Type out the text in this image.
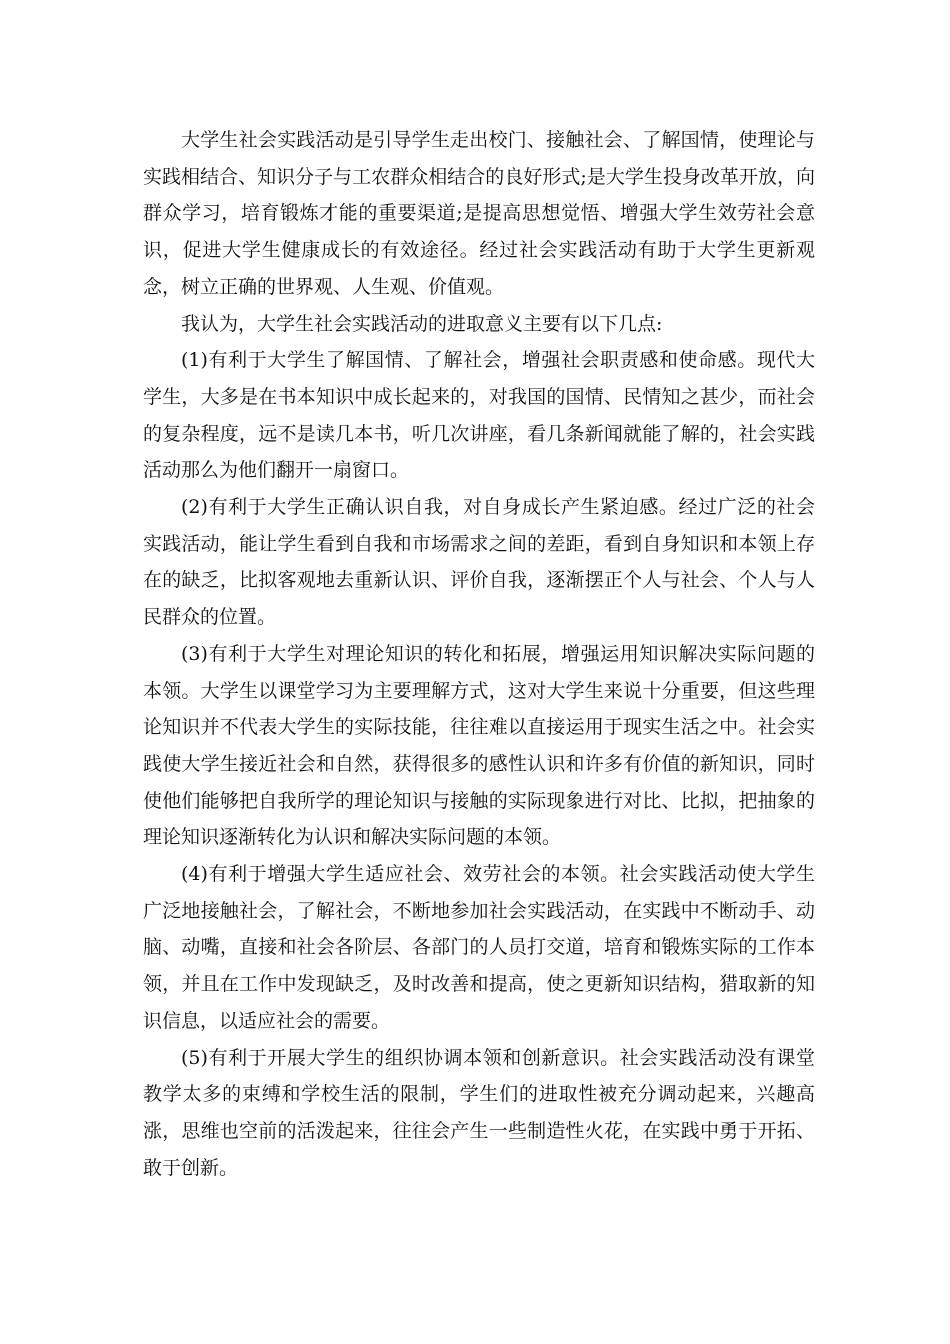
大学生社会实践活动是引导学生走出校门、接触社会、了解国情，使理论与实践相结合、知识分子与工农群众相结合的良好形式;是大学生投身改革开放，向群众学习，培育锻炼才能的重要渠道;是提高思想觉悟、增强大学生效劳社会意识，促进大学生健康成长的有效途径。经过社会实践活动有助于大学生更新观念，树立正确的世界观、人生观、价值观。

我认为，大学生社会实践活动的进取意义主要有以下几点:

(1)有利于大学生了解国情、了解社会，增强社会职责感和使命感。现代大学生，大多是在书本知识中成长起来的，对我国的国情、民情知之甚少，而社会的复杂程度，远不是读几本书，听几次讲座，看几条新闻就能了解的，社会实践活动那么为他们翻开一扇窗口。

(2)有利于大学生正确认识自我，对自身成长产生紧迫感。经过广泛的社会实践活动，能让学生看到自我和市场需求之间的差距，看到自身知识和本领上存在的缺乏，比拟客观地去重新认识、评价自我，逐渐摆正个人与社会、个人与人民群众的位置。

(3)有利于大学生对理论知识的转化和拓展，增强运用知识解决实际问题的本领。大学生以课堂学习为主要理解方式，这对大学生来说十分重要，但这些理论知识并不代表大学生的实际技能，往往难以直接运用于现实生活之中。社会实践使大学生接近社会和自然，获得很多的感性认识和许多有价值的新知识，同时使他们能够把自我所学的理论知识与接触的实际现象进行对比、比拟，把抽象的理论知识逐渐转化为认识和解决实际问题的本领。

(4)有利于增强大学生适应社会、效劳社会的本领。社会实践活动使大学生广泛地接触社会，了解社会，不断地参加社会实践活动，在实践中不断动手、动脑、动嘴，直接和社会各阶层、各部门的人员打交道，培育和锻炼实际的工作本领，并且在工作中发现缺乏，及时改善和提高，使之更新知识结构，猎取新的知识信息，以适应社会的需要。

(5)有利于开展大学生的组织协调本领和创新意识。社会实践活动没有课堂教学太多的束缚和学校生活的限制，学生们的进取性被充分调动起来，兴趣高涨，思维也空前的活泼起来，往往会产生一些制造性火花，在实践中勇于开拓、敢于创新。
